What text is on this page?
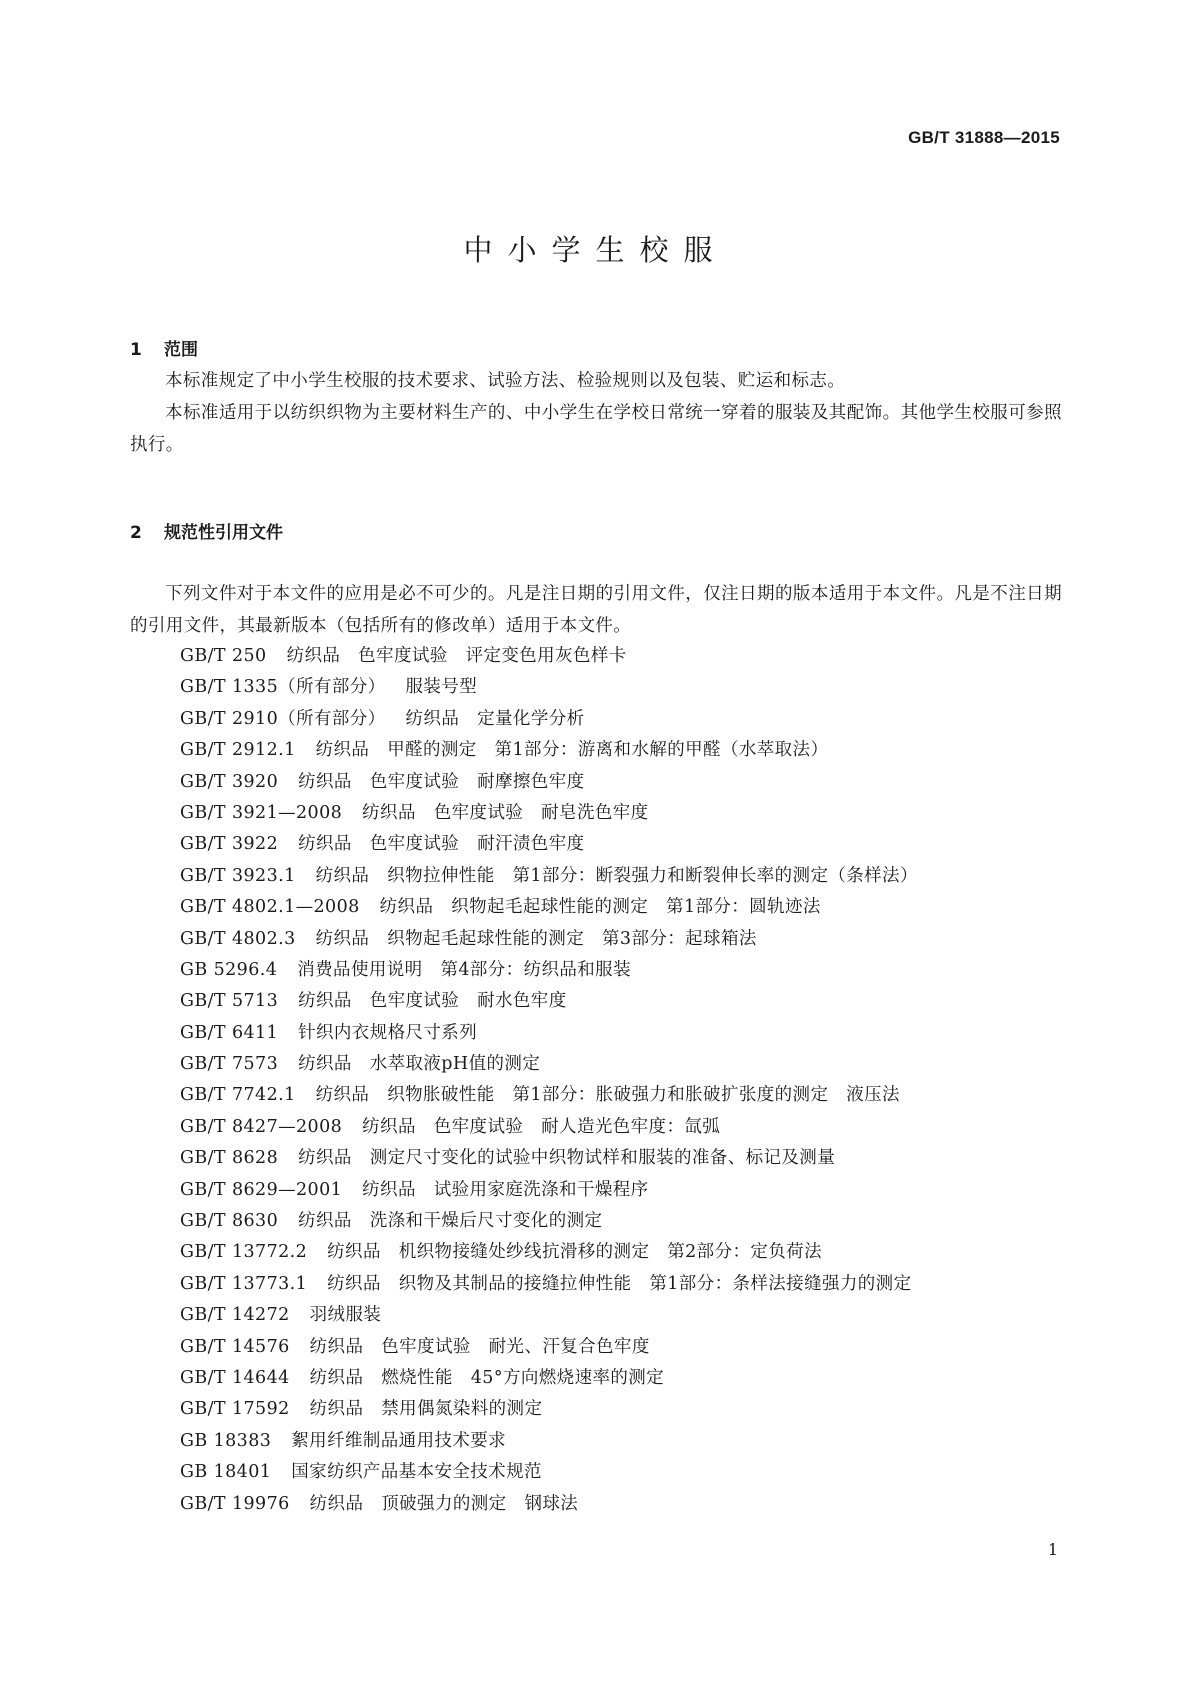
GB/T 31888—2015
中小学生校服
1 范围

本标准规定了中小学生校服的技术要求、试验方法、检验规则以及包装、贮运和标志。

本标准适用于以纺织织物为主要材料生产的、中小学生在学校日常统一穿着的服装及其配饰。其他学生校服可参照执行。

2 规范性引用文件

下列文件对于本文件的应用是必不可少的。凡是注日期的引用文件，仅注日期的版本适用于本文件。凡是不注日期的引用文件，其最新版本（包括所有的修改单）适用于本文件。

GB/T 250 纺织品　色牢度试验　评定变色用灰色样卡
GB/T 1335（所有部分） 服装号型
GB/T 2910（所有部分） 纺织品　定量化学分析
GB/T 2912.1 纺织品　甲醛的测定　第1部分：游离和水解的甲醛（水萃取法）
GB/T 3920 纺织品　色牢度试验　耐摩擦色牢度
GB/T 3921—2008 纺织品　色牢度试验　耐皂洗色牢度
GB/T 3922 纺织品　色牢度试验　耐汗渍色牢度
GB/T 3923.1 纺织品　织物拉伸性能　第1部分：断裂强力和断裂伸长率的测定（条样法）
GB/T 4802.1—2008 纺织品　织物起毛起球性能的测定　第1部分：圆轨迹法
GB/T 4802.3 纺织品　织物起毛起球性能的测定　第3部分：起球箱法
GB 5296.4 消费品使用说明　第4部分：纺织品和服装
GB/T 5713 纺织品　色牢度试验　耐水色牢度
GB/T 6411 针织内衣规格尺寸系列
GB/T 7573 纺织品　水萃取液pH值的测定
GB/T 7742.1 纺织品　织物胀破性能　第1部分：胀破强力和胀破扩张度的测定　液压法
GB/T 8427—2008 纺织品　色牢度试验　耐人造光色牢度：氙弧
GB/T 8628 纺织品　测定尺寸变化的试验中织物试样和服装的准备、标记及测量
GB/T 8629—2001 纺织品　试验用家庭洗涤和干燥程序
GB/T 8630 纺织品　洗涤和干燥后尺寸变化的测定
GB/T 13772.2 纺织品　机织物接缝处纱线抗滑移的测定　第2部分：定负荷法
GB/T 13773.1 纺织品　织物及其制品的接缝拉伸性能　第1部分：条样法接缝强力的测定
GB/T 14272 羽绒服装
GB/T 14576 纺织品　色牢度试验　耐光、汗复合色牢度
GB/T 14644 纺织品　燃烧性能　45°方向燃烧速率的测定
GB/T 17592 纺织品　禁用偶氮染料的测定
GB 18383 絮用纤维制品通用技术要求
GB 18401 国家纺织产品基本安全技术规范
GB/T 19976 纺织品　顶破强力的测定　钢球法
1
